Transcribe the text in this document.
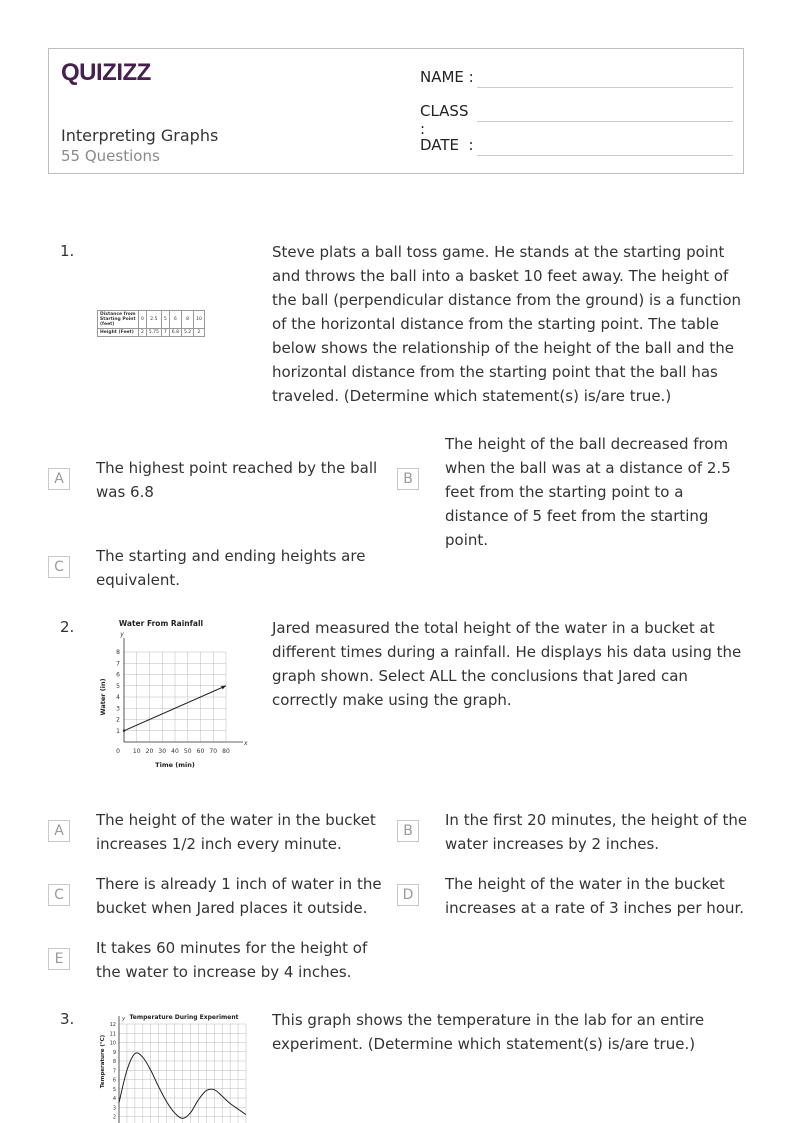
QUIZIZZ
Interpreting Graphs
55 Questions
NAME :
CLASS :
DATE  :
1.
Distance from Starting Point (feet)	0	2.5	5	6	8	10
Height (Feet)	2	5.75	7	6.8	5.2	2
Steve plats a ball toss game. He stands at the starting point and throws the ball into a basket 10 feet away. The height of the ball (perpendicular distance from the ground) is a function of the horizontal distance from the starting point. The table below shows the relationship of the height of the ball and the horizontal distance from the starting point that the ball has traveled. (Determine which statement(s) is/are true.)
A
The highest point reached by the ball was 6.8
B
The height of the ball decreased from when the ball was at a distance of 2.5 feet from the starting point to a distance of 5 feet from the starting point.
C
The starting and ending heights are equivalent.
2.	Water From Rainfall
y
x
10 20 30 40 50 60 70 80
1
2
3
4
5
6
7
8
0
Time (min)
Water (in)
Jared measured the total height of the water in a bucket at different times during a rainfall. He displays his data using the graph shown. Select ALL the conclusions that Jared can correctly make using the graph.
A
The height of the water in the bucket increases 1/2 inch every minute.
B
In the first 20 minutes, the height of the water increases by 2 inches.
C
There is already 1 inch of water in the bucket when Jared places it outside.
D
The height of the water in the bucket increases at a rate of 3 inches per hour.
E
It takes 60 minutes for the height of the water to increase by 4 inches.
3.	Temperature During Experiment
y
2
3
4
5
6
7
8
9
10
11
12
Temperature (°C)
This graph shows the temperature in the lab for an entire experiment. (Determine which statement(s) is/are true.)
